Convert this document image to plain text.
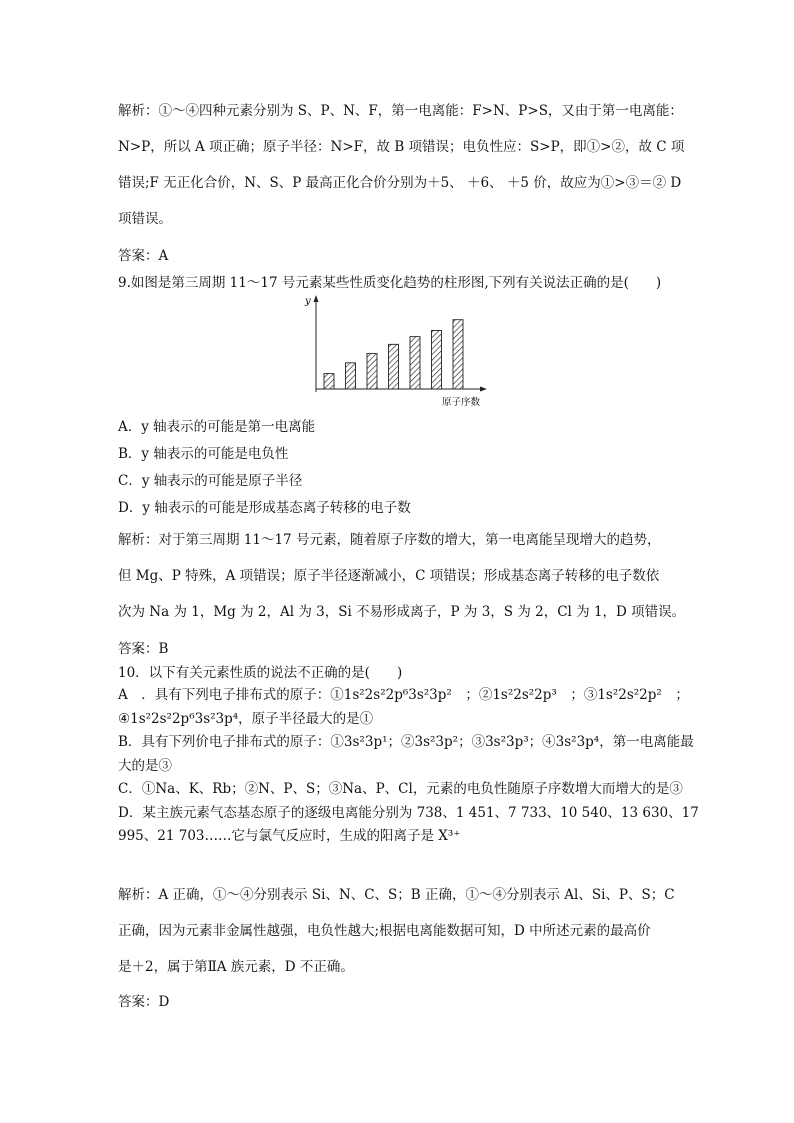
解析：①～④四种元素分别为 S、P、N、F，第一电离能：F>N、P>S，又由于第一电离能：
N>P，所以 A 项正确；原子半径：N>F，故 B 项错误；电负性应：S>P，即①>②，故 C 项
错误;F 无正化合价，N、S、P 最高正化合价分别为＋5、 ＋6、 ＋5 价，故应为①>③＝② D
项错误。
答案：A
9.如图是第三周期 11～17 号元素某些性质变化趋势的柱形图,下列有关说法正确的是(　　)
y
原子序数
A．y 轴表示的可能是第一电离能
B．y 轴表示的可能是电负性
C．y 轴表示的可能是原子半径
D．y 轴表示的可能是形成基态离子转移的电子数
解析：对于第三周期 11～17 号元素，随着原子序数的增大，第一电离能呈现增大的趋势，
但 Mg、P 特殊，A 项错误；原子半径逐渐减小，C 项错误；形成基态离子转移的电子数依
次为 Na 为 1，Mg 为 2，Al 为 3，Si 不易形成离子，P 为 3，S 为 2，Cl 为 1，D 项错误。
答案：B
10．以下有关元素性质的说法不正确的是(　　)
A　．具有下列电子排布式的原子：①1s²2s²2p⁶3s²3p²　；②1s²2s²2p³　；③1s²2s²2p²　；
④1s²2s²2p⁶3s²3p⁴，原子半径最大的是①
B．具有下列价电子排布式的原子：①3s²3p¹；②3s²3p²；③3s²3p³；④3s²3p⁴，第一电离能最
大的是③
C．①Na、K、Rb；②N、P、S；③Na、P、Cl，元素的电负性随原子序数增大而增大的是③
D．某主族元素气态基态原子的逐级电离能分别为 738、1 451、7 733、10 540、13 630、17
995、21 703……它与氯气反应时，生成的阳离子是 X³⁺
解析：A 正确，①～④分别表示 Si、N、C、S；B 正确，①～④分别表示 Al、Si、P、S；C
正确，因为元素非金属性越强，电负性越大;根据电离能数据可知，D 中所述元素的最高价
是＋2，属于第ⅡA 族元素，D 不正确。
答案：D
